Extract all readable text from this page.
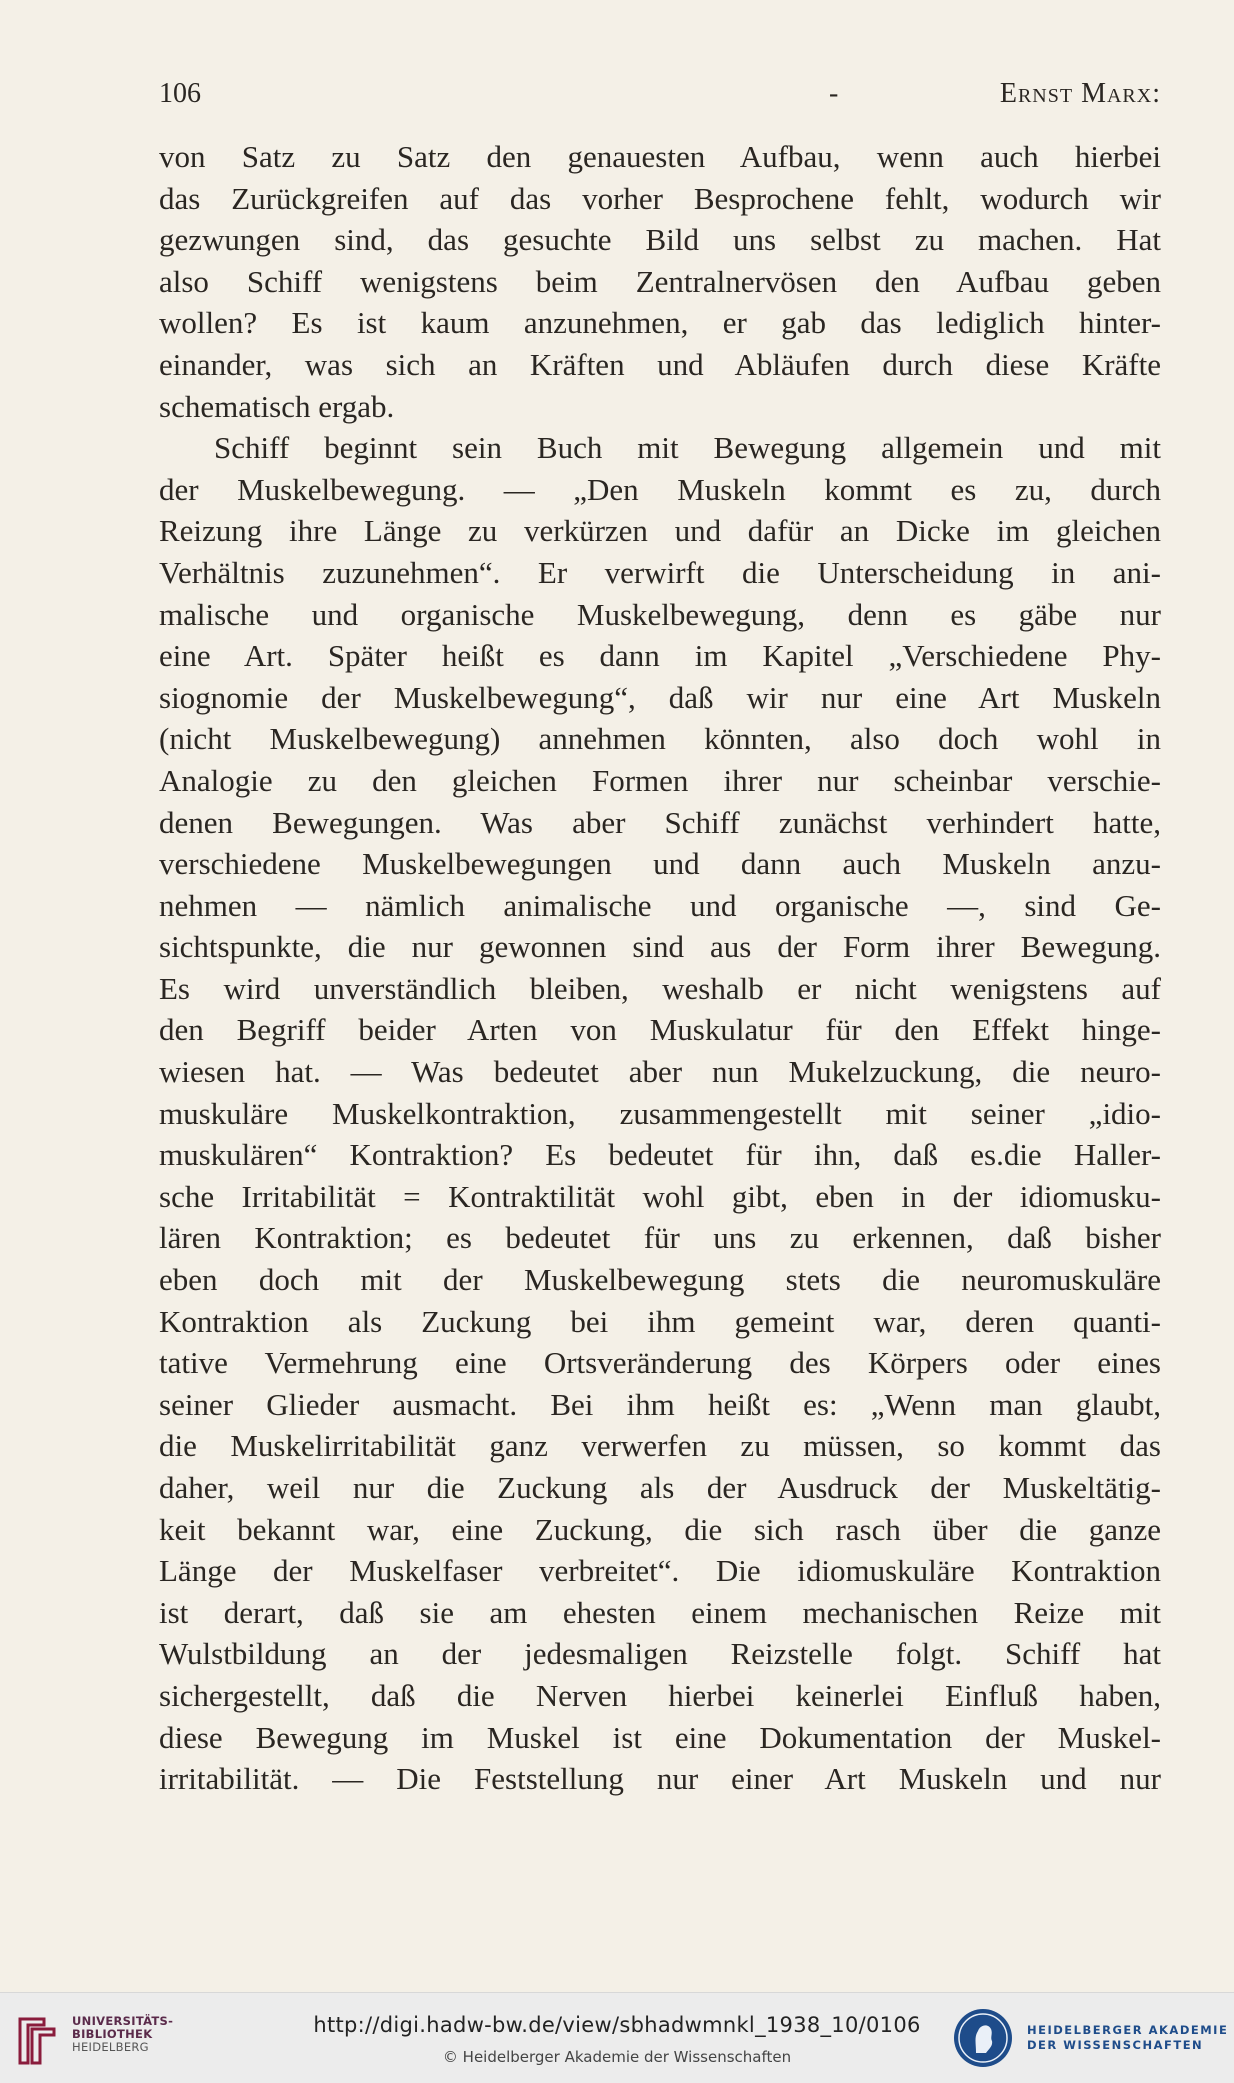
106	-	Ernst Marx:
von Satz zu Satz den genauesten Aufbau, wenn auch hierbei
das Zurückgreifen auf das vorher Besprochene fehlt, wodurch wir
gezwungen sind, das gesuchte Bild uns selbst zu machen. Hat
also Schiff wenigstens beim Zentralnervösen den Aufbau geben
wollen? Es ist kaum anzunehmen, er gab das lediglich hinter-
einander, was sich an Kräften und Abläufen durch diese Kräfte
schematisch ergab.
Schiff beginnt sein Buch mit Bewegung allgemein und mit
der Muskelbewegung. — „Den Muskeln kommt es zu, durch
Reizung ihre Länge zu verkürzen und dafür an Dicke im gleichen
Verhältnis zuzunehmen“. Er verwirft die Unterscheidung in ani-
malische und organische Muskelbewegung, denn es gäbe nur
eine Art. Später heißt es dann im Kapitel „Verschiedene Phy-
siognomie der Muskelbewegung“, daß wir nur eine Art Muskeln
(nicht Muskelbewegung) annehmen könnten, also doch wohl in
Analogie zu den gleichen Formen ihrer nur scheinbar verschie-
denen Bewegungen. Was aber Schiff zunächst verhindert hatte,
verschiedene Muskelbewegungen und dann auch Muskeln anzu-
nehmen — nämlich animalische und organische —, sind Ge-
sichtspunkte, die nur gewonnen sind aus der Form ihrer Bewegung.
Es wird unverständlich bleiben, weshalb er nicht wenigstens auf
den Begriff beider Arten von Muskulatur für den Effekt hinge-
wiesen hat. — Was bedeutet aber nun Mukelzuckung, die neuro-
muskuläre Muskelkontraktion, zusammengestellt mit seiner „idio-
muskulären“ Kontraktion? Es bedeutet für ihn, daß es.die Haller-
sche Irritabilität = Kontraktilität wohl gibt, eben in der idiomusku-
lären Kontraktion; es bedeutet für uns zu erkennen, daß bisher
eben doch mit der Muskelbewegung stets die neuromuskuläre
Kontraktion als Zuckung bei ihm gemeint war, deren quanti-
tative Vermehrung eine Ortsveränderung des Körpers oder eines
seiner Glieder ausmacht. Bei ihm heißt es: „Wenn man glaubt,
die Muskelirritabilität ganz verwerfen zu müssen, so kommt das
daher, weil nur die Zuckung als der Ausdruck der Muskeltätig-
keit bekannt war, eine Zuckung, die sich rasch über die ganze
Länge der Muskelfaser verbreitet“. Die idiomuskuläre Kontraktion
ist derart, daß sie am ehesten einem mechanischen Reize mit
Wulstbildung an der jedesmaligen Reizstelle folgt. Schiff hat
sichergestellt, daß die Nerven hierbei keinerlei Einfluß haben,
diese Bewegung im Muskel ist eine Dokumentation der Muskel-
irritabilität. — Die Feststellung nur einer Art Muskeln und nur
UNIVERSITÄTS-
BIBLIOTHEK
HEIDELBERG
http://digi.hadw-bw.de/view/sbhadwmnkl_1938_10/0106
© Heidelberger Akademie der Wissenschaften
HEIDELBERGER AKADEMIE
DER WISSENSCHAFTEN
